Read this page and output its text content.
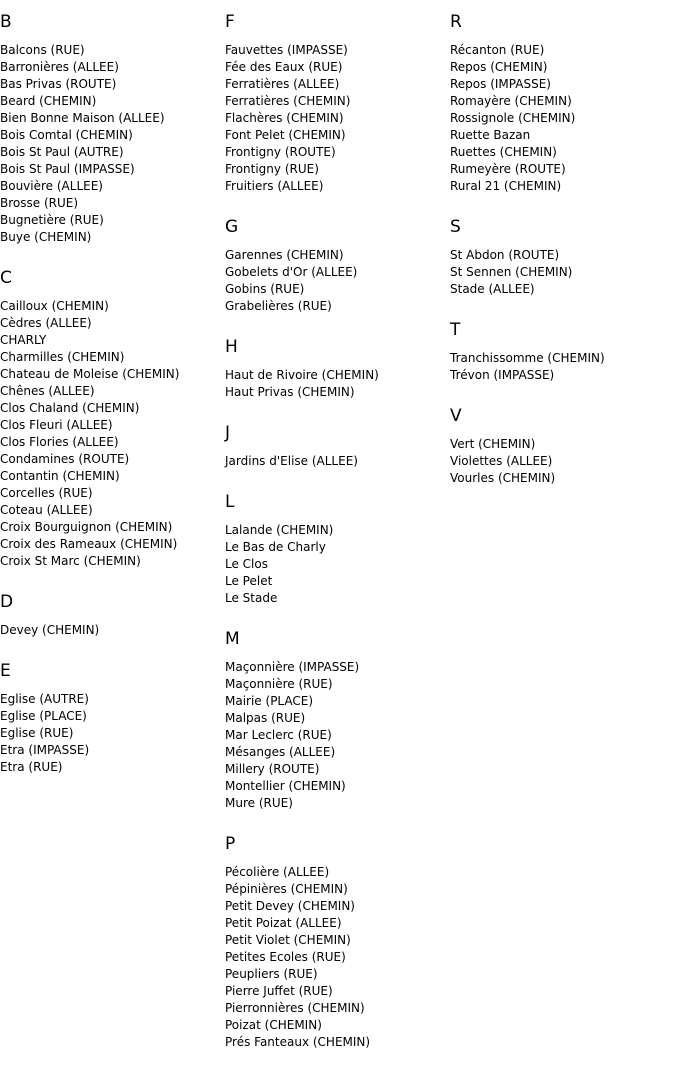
B
Balcons (RUE)
Barronières (ALLEE)
Bas Privas (ROUTE)
Beard (CHEMIN)
Bien Bonne Maison (ALLEE)
Bois Comtal (CHEMIN)
Bois St Paul (AUTRE)
Bois St Paul (IMPASSE)
Bouvière (ALLEE)
Brosse (RUE)
Bugnetière (RUE)
Buye (CHEMIN)
C
Cailloux (CHEMIN)
Cèdres (ALLEE)
CHARLY
Charmilles (CHEMIN)
Chateau de Moleise (CHEMIN)
Chênes (ALLEE)
Clos Chaland (CHEMIN)
Clos Fleuri (ALLEE)
Clos Flories (ALLEE)
Condamines (ROUTE)
Contantin (CHEMIN)
Corcelles (RUE)
Coteau (ALLEE)
Croix Bourguignon (CHEMIN)
Croix des Rameaux (CHEMIN)
Croix St Marc (CHEMIN)
D
Devey (CHEMIN)
E
Eglise (AUTRE)
Eglise (PLACE)
Eglise (RUE)
Etra (IMPASSE)
Etra (RUE)
F
Fauvettes (IMPASSE)
Fée des Eaux (RUE)
Ferratières (ALLEE)
Ferratières (CHEMIN)
Flachères (CHEMIN)
Font Pelet (CHEMIN)
Frontigny (ROUTE)
Frontigny (RUE)
Fruitiers (ALLEE)
G
Garennes (CHEMIN)
Gobelets d'Or (ALLEE)
Gobins (RUE)
Grabelières (RUE)
H
Haut de Rivoire (CHEMIN)
Haut Privas (CHEMIN)
J
Jardins d'Elise (ALLEE)
L
Lalande (CHEMIN)
Le Bas de Charly
Le Clos
Le Pelet
Le Stade
M
Maçonnière (IMPASSE)
Maçonnière (RUE)
Mairie (PLACE)
Malpas (RUE)
Mar Leclerc (RUE)
Mésanges (ALLEE)
Millery (ROUTE)
Montellier (CHEMIN)
Mure (RUE)
P
Pécolière (ALLEE)
Pépinières (CHEMIN)
Petit Devey (CHEMIN)
Petit Poizat (ALLEE)
Petit Violet (CHEMIN)
Petites Ecoles (RUE)
Peupliers (RUE)
Pierre Juffet (RUE)
Pierronnières (CHEMIN)
Poizat (CHEMIN)
Prés Fanteaux (CHEMIN)
R
Récanton (RUE)
Repos (CHEMIN)
Repos (IMPASSE)
Romayère (CHEMIN)
Rossignole (CHEMIN)
Ruette Bazan
Ruettes (CHEMIN)
Rumeyère (ROUTE)
Rural 21 (CHEMIN)
S
St Abdon (ROUTE)
St Sennen (CHEMIN)
Stade (ALLEE)
T
Tranchissomme (CHEMIN)
Trévon (IMPASSE)
V
Vert (CHEMIN)
Violettes (ALLEE)
Vourles (CHEMIN)
